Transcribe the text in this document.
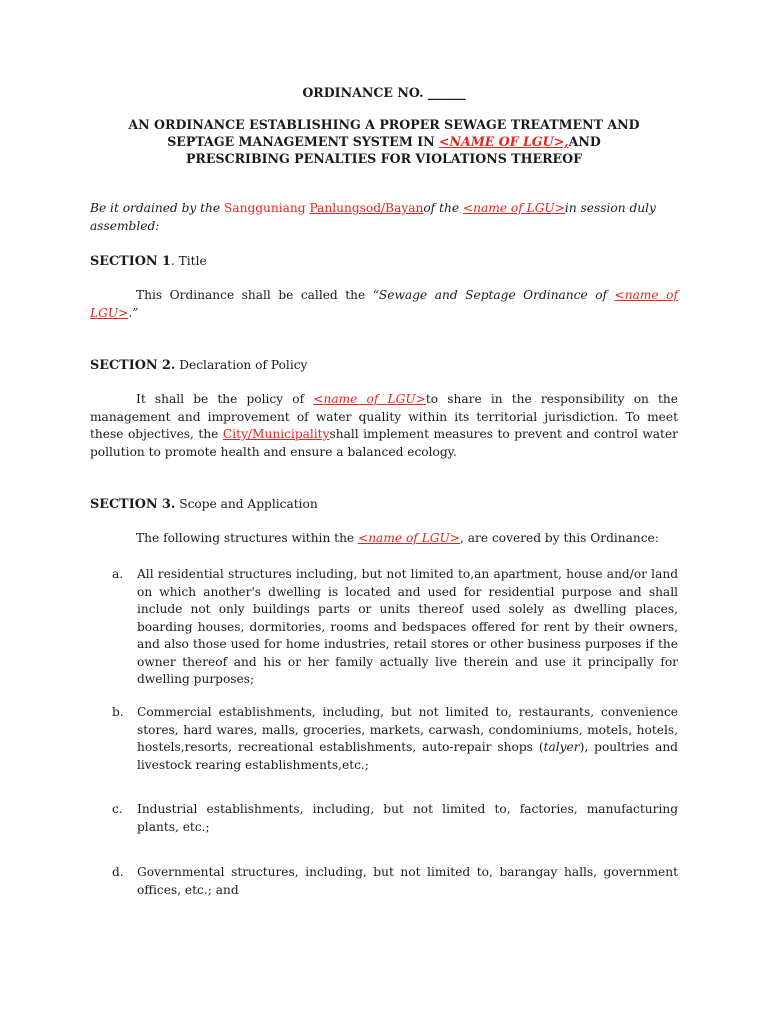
ORDINANCE NO. ______
AN ORDINANCE ESTABLISHING A PROPER SEWAGE TREATMENT AND
SEPTAGE MANAGEMENT SYSTEM IN <NAME OF LGU>,AND
PRESCRIBING PENALTIES FOR VIOLATIONS THEREOF
Be it ordained by the Sangguniang Panlungsod/Bayanof the <name of LGU>in session duly assembled:
SECTION 1. Title
This Ordinance shall be called the “Sewage and Septage Ordinance of <name of LGU>.”
SECTION 2. Declaration of Policy
It shall be the policy of <name of LGU>to share in the responsibility on the management and improvement of water quality within its territorial jurisdiction. To meet these objectives, the City/Municipalityshall implement measures to prevent and control water pollution to promote health and ensure a balanced ecology.
SECTION 3. Scope and Application
The following structures within the <name of LGU>, are covered by this Ordinance:
a. All residential structures including, but not limited to,an apartment, house and/or land on which another's dwelling is located and used for residential purpose and shall include not only buildings parts or units thereof used solely as dwelling places, boarding houses, dormitories, rooms and bedspaces offered for rent by their owners, and also those used for home industries, retail stores or other business purposes if the owner thereof and his or her family actually live therein and use it principally for dwelling purposes;
b. Commercial establishments, including, but not limited to, restaurants, convenience stores, hard wares, malls, groceries, markets, carwash, condominiums, motels, hotels, hostels,resorts, recreational establishments, auto-repair shops (talyer), poultries and livestock rearing establishments,etc.;
c. Industrial establishments, including, but not limited to, factories, manufacturing plants, etc.;
d. Governmental structures, including, but not limited to, barangay halls, government offices, etc.; and
